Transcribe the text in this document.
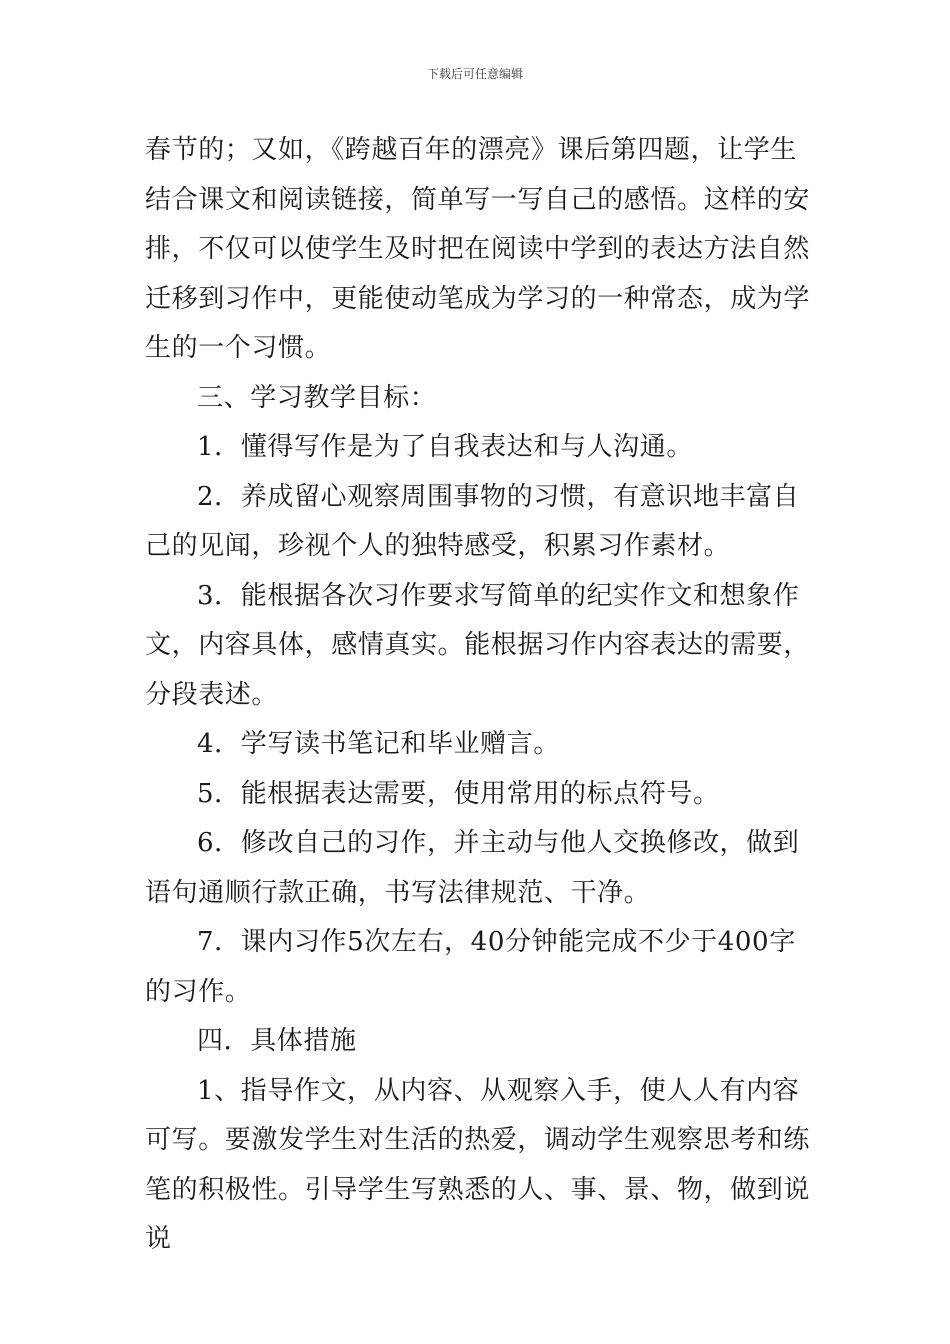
下载后可任意编辑

春节的；又如，《跨越百年的漂亮》课后第四题，让学生结合课文和阅读链接，简单写一写自己的感悟。这样的安排，不仅可以使学生及时把在阅读中学到的表达方法自然迁移到习作中，更能使动笔成为学习的一种常态，成为学生的一个习惯。

三、学习教学目标：

1．懂得写作是为了自我表达和与人沟通。

2．养成留心观察周围事物的习惯，有意识地丰富自己的见闻，珍视个人的独特感受，积累习作素材。

3．能根据各次习作要求写简单的纪实作文和想象作文，内容具体，感情真实。能根据习作内容表达的需要，分段表述。

4．学写读书笔记和毕业赠言。

5．能根据表达需要，使用常用的标点符号。

6．修改自己的习作，并主动与他人交换修改，做到语句通顺行款正确，书写法律规范、干净。

7．课内习作5次左右，40分钟能完成不少于400字的习作。

四．具体措施

1、指导作文，从内容、从观察入手，使人人有内容可写。要激发学生对生活的热爱，调动学生观察思考和练笔的积极性。引导学生写熟悉的人、事、景、物，做到说说
